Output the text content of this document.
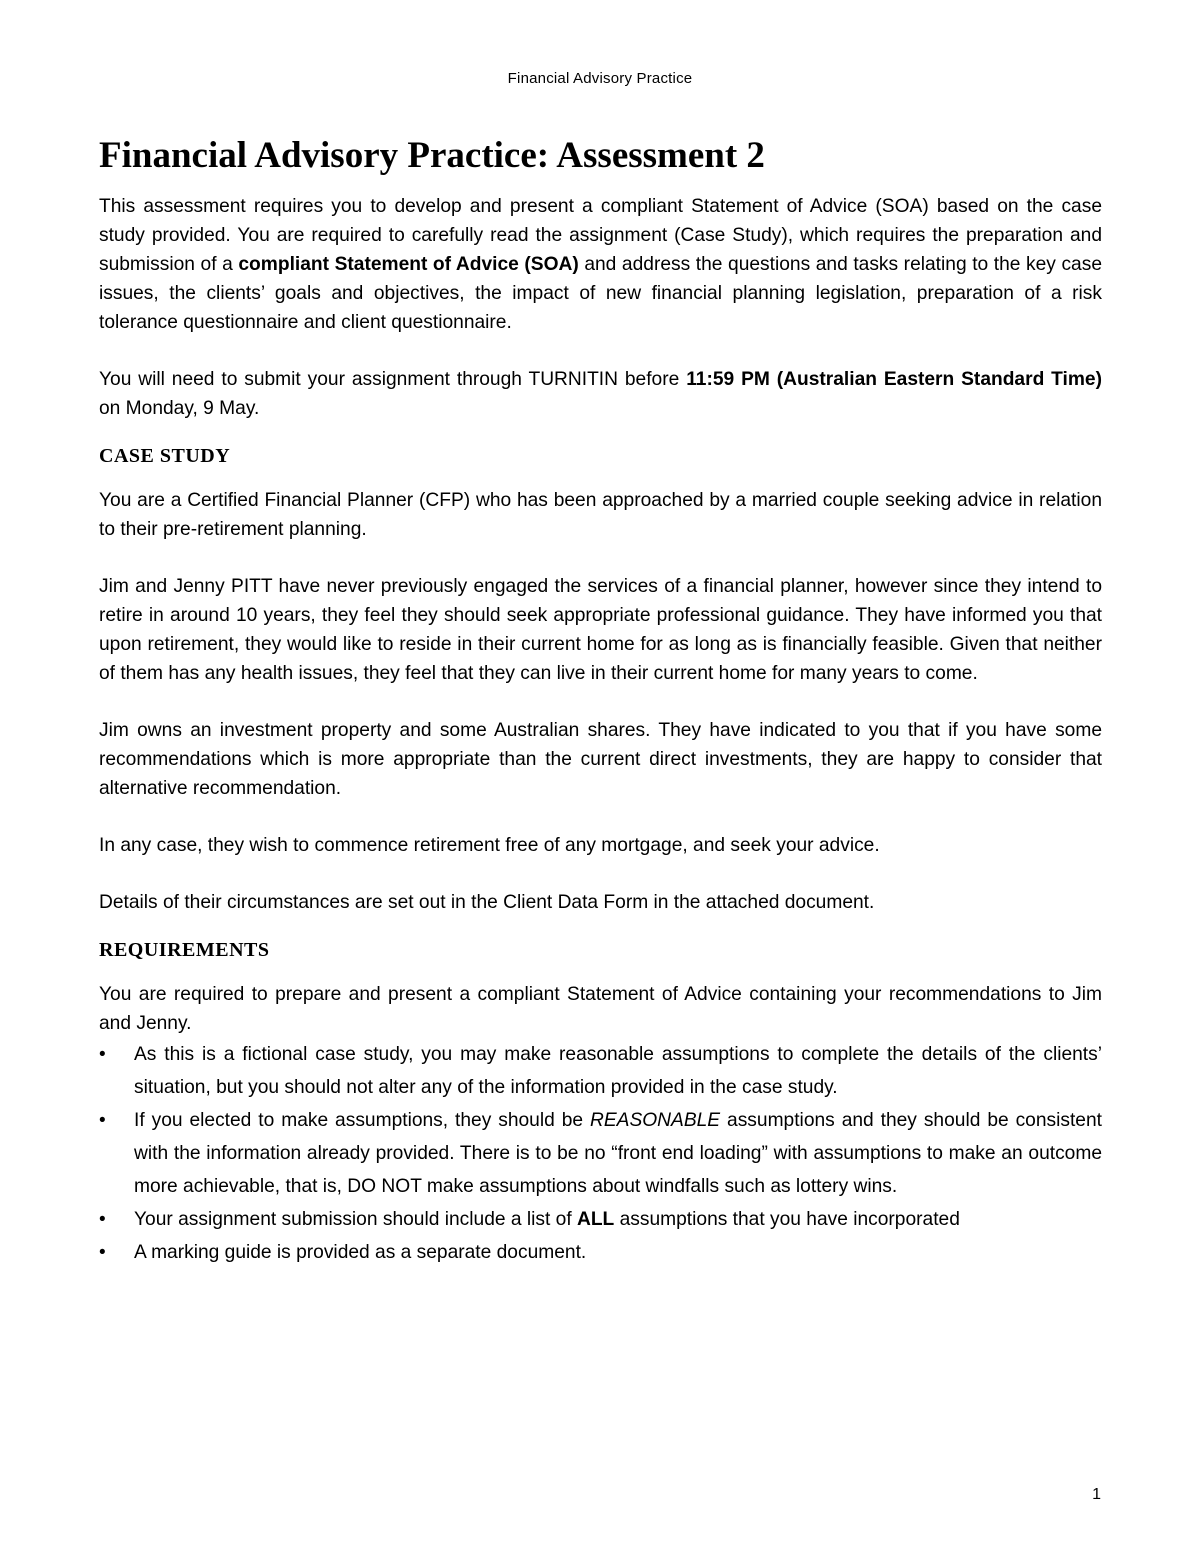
Financial Advisory Practice
Financial Advisory Practice: Assessment 2

This assessment requires you to develop and present a compliant Statement of Advice (SOA) based on the case study provided. You are required to carefully read the assignment (Case Study), which requires the preparation and submission of a compliant Statement of Advice (SOA) and address the questions and tasks relating to the key case issues, the clients’ goals and objectives, the impact of new financial planning legislation, preparation of a risk tolerance questionnaire and client questionnaire.

You will need to submit your assignment through TURNITIN before 11:59 PM (Australian Eastern Standard Time) on Monday, 9 May.

CASE STUDY

You are a Certified Financial Planner (CFP) who has been approached by a married couple seeking advice in relation to their pre-retirement planning.

Jim and Jenny PITT have never previously engaged the services of a financial planner, however since they intend to retire in around 10 years, they feel they should seek appropriate professional guidance. They have informed you that upon retirement, they would like to reside in their current home for as long as is financially feasible. Given that neither of them has any health issues, they feel that they can live in their current home for many years to come.

Jim owns an investment property and some Australian shares. They have indicated to you that if you have some recommendations which is more appropriate than the current direct investments, they are happy to consider that alternative recommendation.

In any case, they wish to commence retirement free of any mortgage, and seek your advice.

Details of their circumstances are set out in the Client Data Form in the attached document.

REQUIREMENTS

You are required to prepare and present a compliant Statement of Advice containing your recommendations to Jim and Jenny.

• As this is a fictional case study, you may make reasonable assumptions to complete the details of the clients’ situation, but you should not alter any of the information provided in the case study.
• If you elected to make assumptions, they should be REASONABLE assumptions and they should be consistent with the information already provided. There is to be no “front end loading” with assumptions to make an outcome more achievable, that is, DO NOT make assumptions about windfalls such as lottery wins.
• Your assignment submission should include a list of ALL assumptions that you have incorporated
• A marking guide is provided as a separate document.
1
